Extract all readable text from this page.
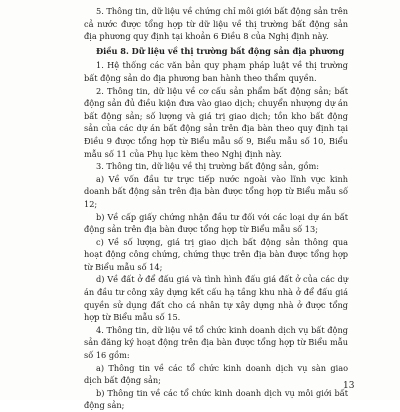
5. Thông tin, dữ liệu về chứng chỉ môi giới bất động sản trên cả nước được tổng hợp từ dữ liệu về thị trường bất động sản địa phương quy định tại khoản 6 Điều 8 của Nghị định này.

Điều 8. Dữ liệu về thị trường bất động sản địa phương

1. Hệ thống các văn bản quy phạm pháp luật về thị trường bất động sản do địa phương ban hành theo thẩm quyền.

2. Thông tin, dữ liệu về cơ cấu sản phẩm bất động sản; bất động sản đủ điều kiện đưa vào giao dịch; chuyển nhượng dự án bất động sản; số lượng và giá trị giao dịch; tồn kho bất động sản của các dự án bất động sản trên địa bàn theo quy định tại Điều 9 được tổng hợp từ Biểu mẫu số 9, Biểu mẫu số 10, Biểu mẫu số 11 của Phụ lục kèm theo Nghị định này.

3. Thông tin, dữ liệu về thị trường bất động sản, gồm:

a) Về vốn đầu tư trực tiếp nước ngoài vào lĩnh vực kinh doanh bất động sản trên địa bàn được tổng hợp từ Biểu mẫu số 12;

b) Về cấp giấy chứng nhận đầu tư đối với các loại dự án bất động sản trên địa bàn được tổng hợp từ Biểu mẫu số 13;

c) Về số lượng, giá trị giao dịch bất động sản thông qua hoạt động công chứng, chứng thực trên địa bàn được tổng hợp từ Biểu mẫu số 14;

d) Về đất ở để đấu giá và tình hình đấu giá đất ở của các dự án đầu tư công xây dựng kết cấu hạ tầng khu nhà ở để đấu giá quyền sử dụng đất cho cá nhân tự xây dựng nhà ở được tổng hợp từ Biểu mẫu số 15.

4. Thông tin, dữ liệu về tổ chức kinh doanh dịch vụ bất động sản đăng ký hoạt động trên địa bàn được tổng hợp từ Biểu mẫu số 16 gồm:

a) Thông tin về các tổ chức kinh doanh dịch vụ sàn giao dịch bất động sản;

b) Thông tin về các tổ chức kinh doanh dịch vụ môi giới bất động sản;

13
